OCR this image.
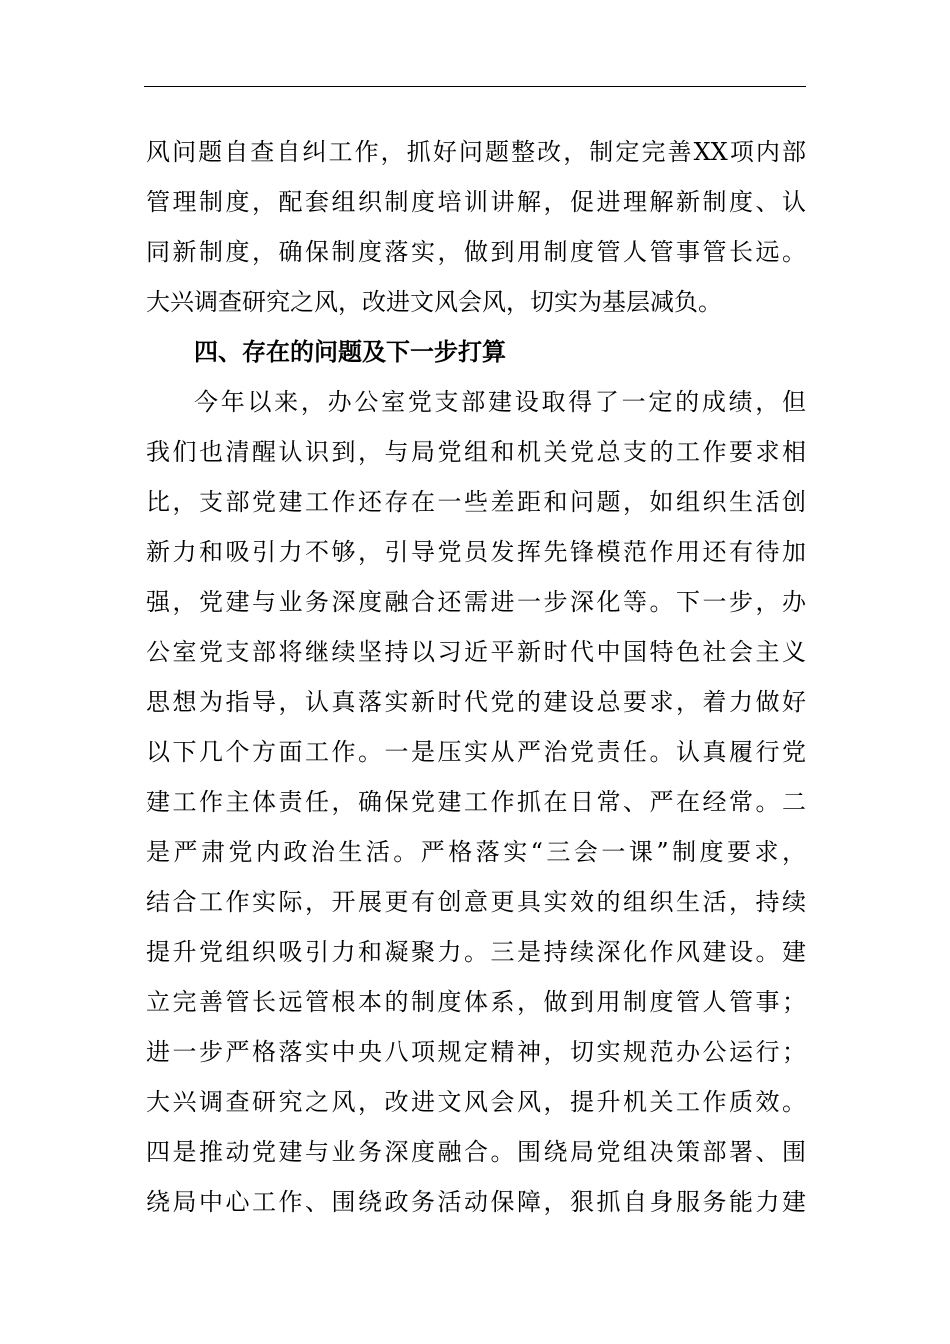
风问题自查自纠工作，抓好问题整改，制定完善XX项内部
管理制度，配套组织制度培训讲解，促进理解新制度、认
同新制度，确保制度落实，做到用制度管人管事管长远。
大兴调查研究之风，改进文风会风，切实为基层减负。
四、存在的问题及下一步打算
今年以来，办公室党支部建设取得了一定的成绩，但
我们也清醒认识到，与局党组和机关党总支的工作要求相
比，支部党建工作还存在一些差距和问题，如组织生活创
新力和吸引力不够，引导党员发挥先锋模范作用还有待加
强，党建与业务深度融合还需进一步深化等。下一步，办
公室党支部将继续坚持以习近平新时代中国特色社会主义
思想为指导，认真落实新时代党的建设总要求，着力做好
以下几个方面工作。一是压实从严治党责任。认真履行党
建工作主体责任，确保党建工作抓在日常、严在经常。二
是严肃党内政治生活。严格落实“三会一课”制度要求，
结合工作实际，开展更有创意更具实效的组织生活，持续
提升党组织吸引力和凝聚力。三是持续深化作风建设。建
立完善管长远管根本的制度体系，做到用制度管人管事；
进一步严格落实中央八项规定精神，切实规范办公运行；
大兴调查研究之风，改进文风会风，提升机关工作质效。
四是推动党建与业务深度融合。围绕局党组决策部署、围
绕局中心工作、围绕政务活动保障，狠抓自身服务能力建
